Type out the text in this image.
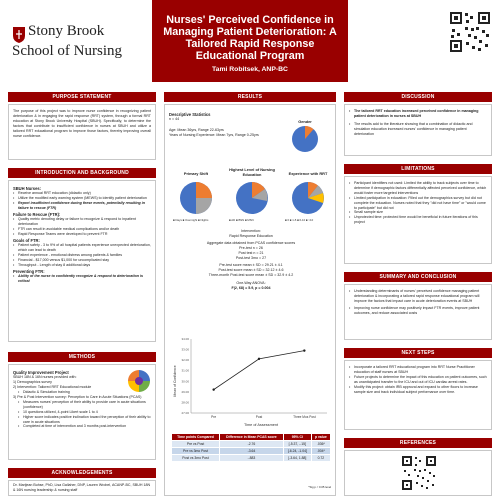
Stony Brook
School of Nursing
Nurses' Perceived Confidence in Managing Patient Deterioration: A Tailored Rapid Response Educational Program
Tami Robitsek, ANP-BC
PURPOSE STATEMENT
The purpose of this project was to improve nurse confidence in recognizing patient deterioration & in engaging the rapid response (RRT) system, through a formal RRT education at Stony Brook University Hospital (SBUH). Specifically, to determine the factors that contribute to insufficient confidence in nurses at SBUH and utilize a tailored RRT educational program to improve those factors, thereby improving overall nurse confidence.
INTRODUCTION AND BACKGROUND
SBUH Nurses:
• Receive annual RRT education (didactic only)
• Utilize the modified early warning system (MEWS) to identify patient deterioration
• Report insufficient confidence during these events, potentially resulting in failure to rescue (FTR)
Failure to Rescue (FTR):
• Quality metric denoting delay or failure to recognize & respond to inpatient deterioration
• FTR can result in avoidable medical complications and/or death
• Rapid Response Teams were developed to prevent FTR
Goals of FTR:
• Patient safety - 3 to 9% of all hospital patients experience unexpected deterioration, which can lead to death
• Patient experience - emotional distress among patients & families
• Financial - $17,000 versus $1,000 for uncomplicated stay
• Throughput - Length of stay 8 additional days
Preventing FTR:
• Ability of the nurse to confidently recognize & respond to deterioration is critical
METHODS
Quality Improvement Project
SBUH 18N & 16N nurses provided with:
1) Demographics survey
2) Intervention: Tailored RRT Educational module
• Didactic & Simulation training
3) Pre & Post Intervention survey: Perception to Care in Acute Situations (PCAS)
• Measures nurses' perception of their ability to provide care in acute situations (confidence)
• 10 questions utilized, 4-point Likert scale 1 to 4
• Higher score indicates positive inclination toward the perception of their ability to care in acute situations
• Completed at time of intervention and 3 months post-intervention
ACKNOWLEDGEMENTS
Dr. Marijean Buhse, PhD, Lisa Gallaher, DNP, Lauren Wrobel, ACANP-BC, SBUH 18N & 16N nursing leadership & nursing staff
RESULTS
Descriptive Statistics
n = 44
Age: Mean 36yrs, Range 22-63yrs
Years of Nursing Experience: Mean 7yrs, Range 0-25yrs
Gender
Primary Shift
■ Days ■ Overnight ■ Nights
Highest Level of Nursing Education
■ AD ■ BSN ■ MSN
Experience with RRT
■ 0 ■ 1-5 ■ 6-10 ■ >10
Intervention:
Rapid Response Education
Aggregate data obtained from PCAS confidence scores
Pre-test n = 26
Post test n = 21
Post-test 3mo = 27
Pre-test score mean ± SD = 29.21 ± 4.1
Post-test score mean ± SD = 32.12 ± 4.6
Three-month Post-test score mean ± SD = 32.9 ± 4.2
One-Way ANOVA:
F(2, 68) = 5.9, p = 0.004
Mean of Confidence
Time of Assessment
27.00
28.00
29.00
30.00
31.00
32.00
33.00
34.00
Pre	Post	Three Mos Post
Time points Compared	Difference in Mean PCAS score	95% CI	p value
Pre vs Post	-2.76	[-5.37, -.15]	.036*
Pre vs 3mo Post	-3.64	[-6.24, -1.04]	.004*
Post vs 3mo Post	-.883	[-3.64, 1.88]	0.72
*Sig p < 0.05 level
DISCUSSION
• The tailored RRT education increased perceived confidence in managing patient deterioration in nurses at SBUH
• The results add to the literature showing that a combination of didactic and simulation education increased nurses' confidence in managing patient deterioration
LIMITATIONS
• Participant identifiers not used: Limited the ability to track subjects over time to determine if demographic factors differentially affected perceived confidence, which would foster more targeted interventions
• Limited participation in education: Filled out the demographics survey but did not complete the education. Nurses noted that they "did not have time" or "would come to participate" but did not
• Small sample size
• Unprotected time: protected time would be beneficial in future iterations of this project
SUMMARY AND CONCLUSION
• Understanding determinants of nurses' perceived confidence managing patient deterioration & incorporating a tailored rapid response educational program will improve the factors that impact care in acute deterioration events at SBUH
• Improving nurse confidence may positively impact FTR events, improve patient outcomes, and reduce associated costs
NEXT STEPS
• Incorporate a tailored RRT educational program into RRT Nurse Practitioner education of staff nurses at SBUH
• Future projects to determine the impact of this education on patient outcomes, such as unanticipated transfer to the ICU and out of ICU cardiac arrest rates.
• Modify this project: obtain IRB approval and expand to other floors to increase sample size and track individual subject performance over time.
REFERENCES
